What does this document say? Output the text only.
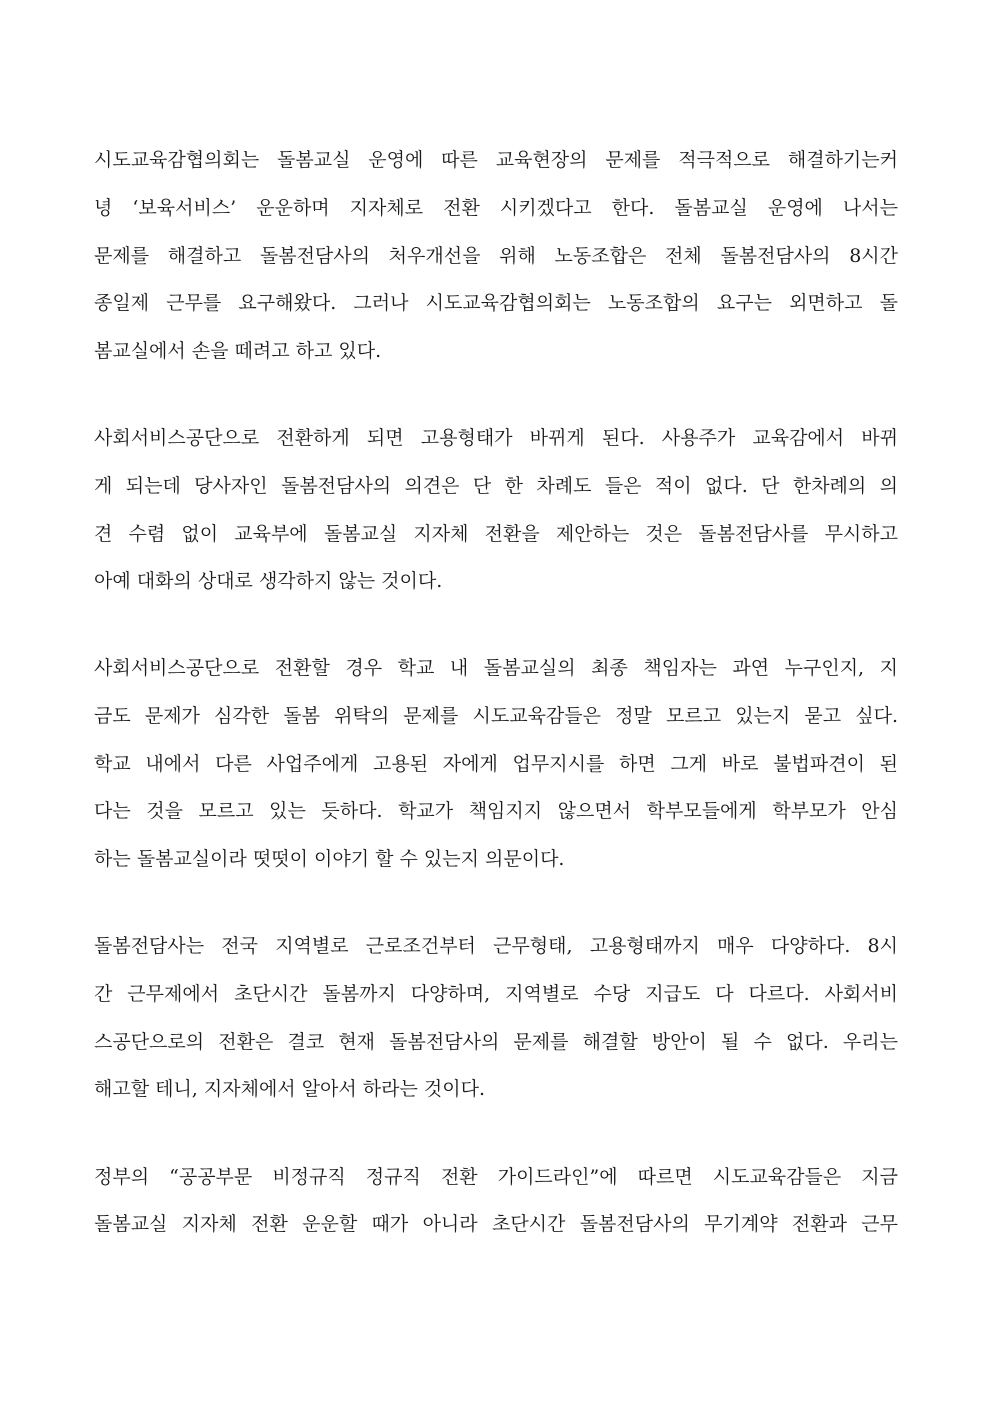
시도교육감협의회는 돌봄교실 운영에 따른 교육현장의 문제를 적극적으로 해결하기는커
녕 ‘보육서비스’ 운운하며 지자체로 전환 시키겠다고 한다. 돌봄교실 운영에 나서는
문제를 해결하고 돌봄전담사의 처우개선을 위해 노동조합은 전체 돌봄전담사의 8시간
종일제 근무를 요구해왔다. 그러나 시도교육감협의회는 노동조합의 요구는 외면하고 돌
봄교실에서 손을 떼려고 하고 있다.
사회서비스공단으로 전환하게 되면 고용형태가 바뀌게 된다. 사용주가 교육감에서 바뀌
게 되는데 당사자인 돌봄전담사의 의견은 단 한 차례도 들은 적이 없다. 단 한차례의 의
견 수렴 없이 교육부에 돌봄교실 지자체 전환을 제안하는 것은 돌봄전담사를 무시하고
아예 대화의 상대로 생각하지 않는 것이다.
사회서비스공단으로 전환할 경우 학교 내 돌봄교실의 최종 책임자는 과연 누구인지, 지
금도 문제가 심각한 돌봄 위탁의 문제를 시도교육감들은 정말 모르고 있는지 묻고 싶다.
학교 내에서 다른 사업주에게 고용된 자에게 업무지시를 하면 그게 바로 불법파견이 된
다는 것을 모르고 있는 듯하다. 학교가 책임지지 않으면서 학부모들에게 학부모가 안심
하는 돌봄교실이라 떳떳이 이야기 할 수 있는지 의문이다.
돌봄전담사는 전국 지역별로 근로조건부터 근무형태, 고용형태까지 매우 다양하다. 8시
간 근무제에서 초단시간 돌봄까지 다양하며, 지역별로 수당 지급도 다 다르다. 사회서비
스공단으로의 전환은 결코 현재 돌봄전담사의 문제를 해결할 방안이 될 수 없다. 우리는
해고할 테니, 지자체에서 알아서 하라는 것이다.
정부의 “공공부문 비정규직 정규직 전환 가이드라인”에 따르면 시도교육감들은 지금
돌봄교실 지자체 전환 운운할 때가 아니라 초단시간 돌봄전담사의 무기계약 전환과 근무
